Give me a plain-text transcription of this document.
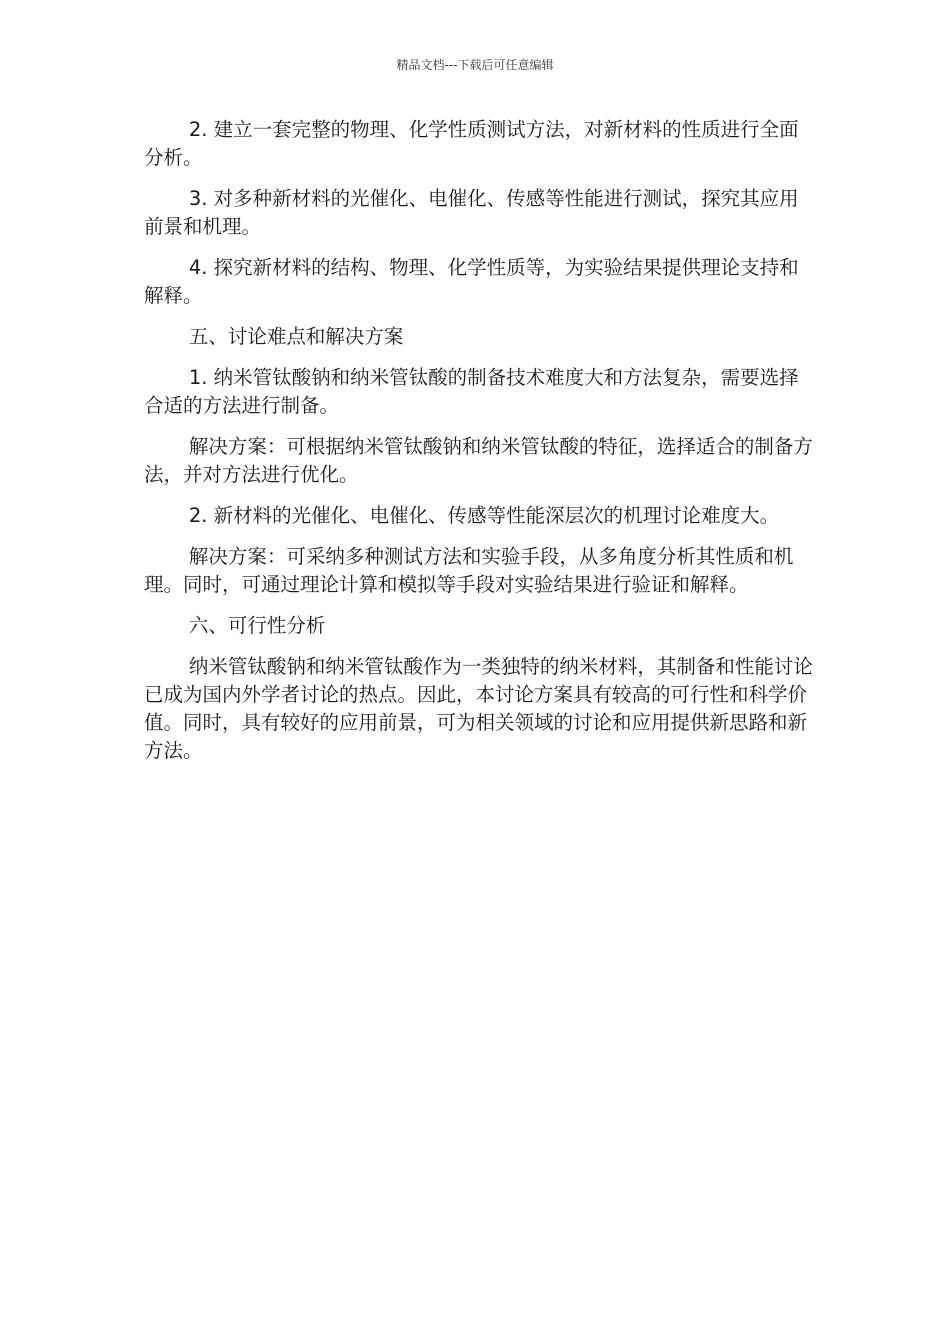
精品文档---下载后可任意编辑

2. 建立一套完整的物理、化学性质测试方法，对新材料的性质进行全面分析。

3. 对多种新材料的光催化、电催化、传感等性能进行测试，探究其应用前景和机理。

4. 探究新材料的结构、物理、化学性质等，为实验结果提供理论支持和解释。

五、讨论难点和解决方案

1. 纳米管钛酸钠和纳米管钛酸的制备技术难度大和方法复杂，需要选择合适的方法进行制备。

解决方案：可根据纳米管钛酸钠和纳米管钛酸的特征，选择适合的制备方法，并对方法进行优化。

2. 新材料的光催化、电催化、传感等性能深层次的机理讨论难度大。

解决方案：可采纳多种测试方法和实验手段，从多角度分析其性质和机理。同时，可通过理论计算和模拟等手段对实验结果进行验证和解释。

六、可行性分析

纳米管钛酸钠和纳米管钛酸作为一类独特的纳米材料，其制备和性能讨论已成为国内外学者讨论的热点。因此，本讨论方案具有较高的可行性和科学价值。同时，具有较好的应用前景，可为相关领域的讨论和应用提供新思路和新方法。
